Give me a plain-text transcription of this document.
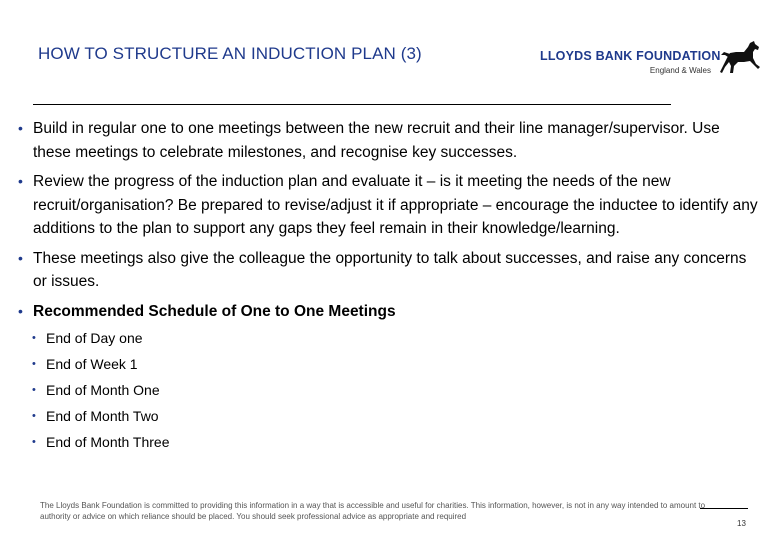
HOW TO STRUCTURE AN INDUCTION PLAN (3)	LLOYDS BANK FOUNDATION
England & Wales
• Build in regular one to one meetings between the new recruit and their line manager/supervisor. Use these meetings to celebrate milestones, and recognise key successes.
• Review the progress of the induction plan and evaluate it – is it meeting the needs of the new recruit/organisation? Be prepared to revise/adjust it if appropriate – encourage the inductee to identify any additions to the plan to support any gaps they feel remain in their knowledge/learning.
• These meetings also give the colleague the opportunity to talk about successes, and raise any concerns or issues.
• Recommended Schedule of One to One Meetings
• End of Day one
• End of Week 1
• End of Month One
• End of Month Two
• End of Month Three
The Lloyds Bank Foundation is committed to providing this information in a way that is accessible and useful for charities. This information, however, is not in any way intended to amount to authority or advice on which reliance should be placed. You should seek professional advice as appropriate and required
13
